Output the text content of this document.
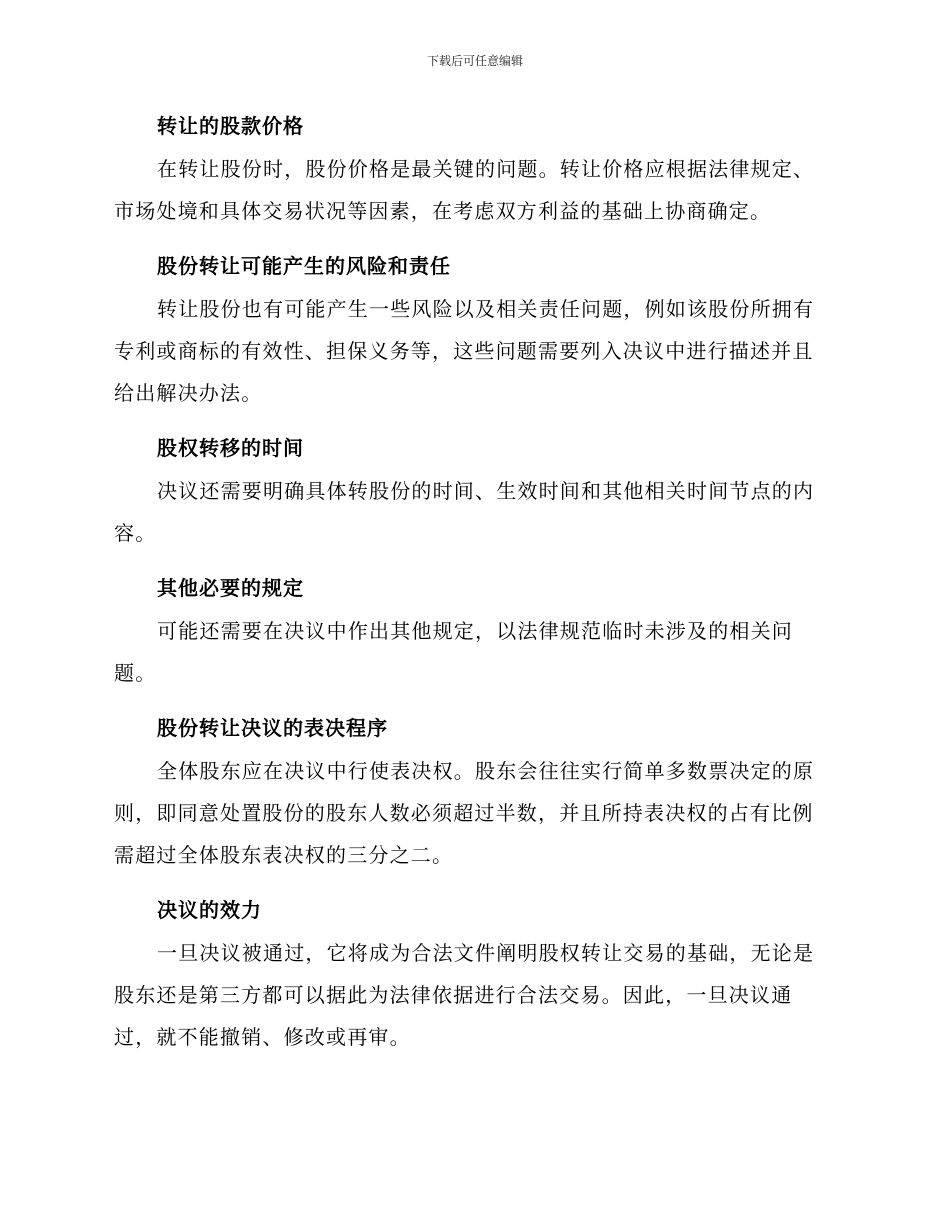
下载后可任意编辑
转让的股款价格
在转让股份时，股份价格是最关键的问题。转让价格应根据法律规定、
市场处境和具体交易状况等因素，在考虑双方利益的基础上协商确定。
股份转让可能产生的风险和责任
转让股份也有可能产生一些风险以及相关责任问题，例如该股份所拥有
专利或商标的有效性、担保义务等，这些问题需要列入决议中进行描述并且
给出解决办法。
股权转移的时间
决议还需要明确具体转股份的时间、生效时间和其他相关时间节点的内
容。
其他必要的规定
可能还需要在决议中作出其他规定，以法律规范临时未涉及的相关问
题。
股份转让决议的表决程序
全体股东应在决议中行使表决权。股东会往往实行简单多数票决定的原
则，即同意处置股份的股东人数必须超过半数，并且所持表决权的占有比例
需超过全体股东表决权的三分之二。
决议的效力
一旦决议被通过，它将成为合法文件阐明股权转让交易的基础，无论是
股东还是第三方都可以据此为法律依据进行合法交易。因此，一旦决议通
过，就不能撤销、修改或再审。
